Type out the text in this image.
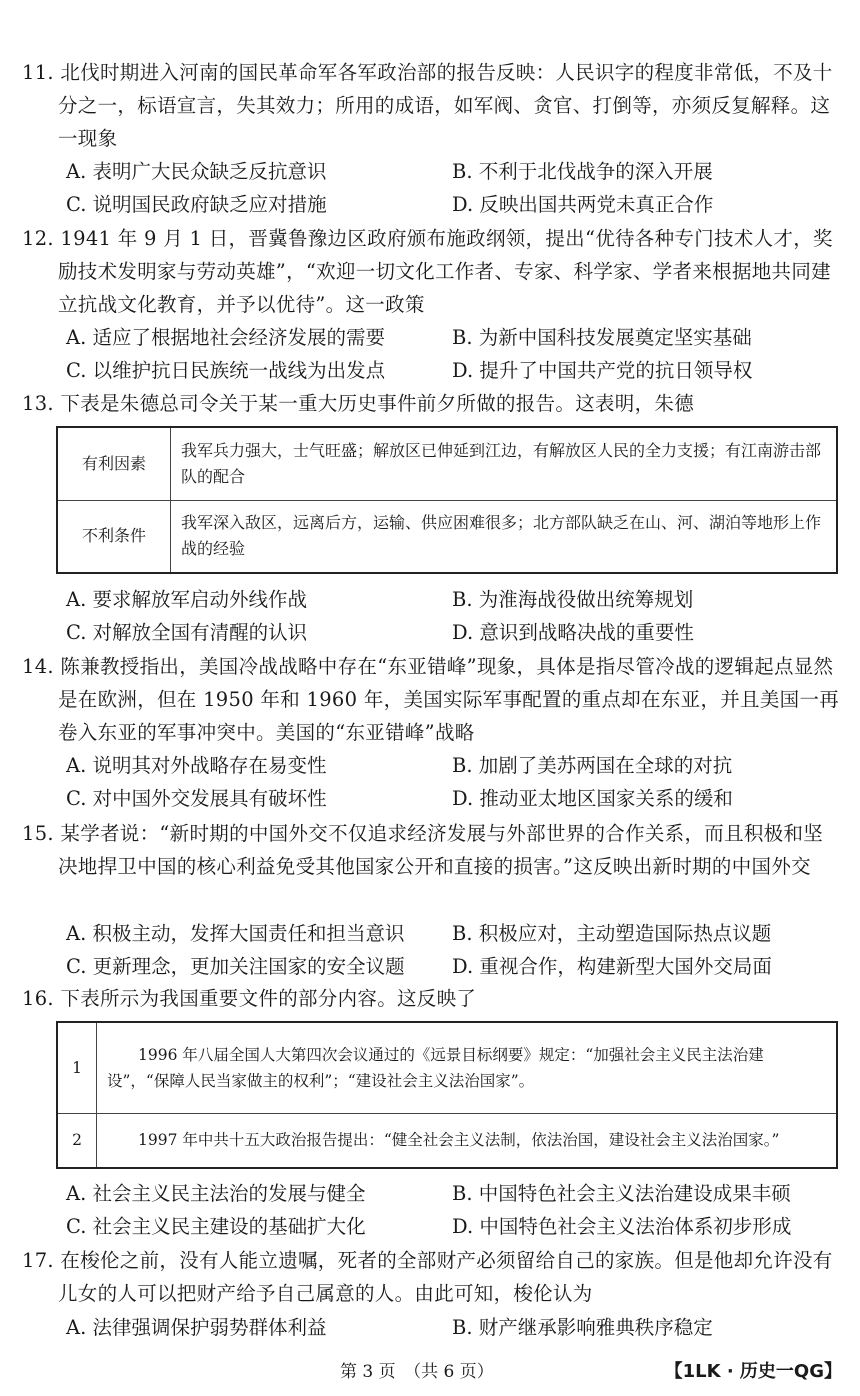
11. 北伐时期进入河南的国民革命军各军政治部的报告反映：人民识字的程度非常低，不及十分之一，标语宣言，失其效力；所用的成语，如军阀、贪官、打倒等，亦须反复解释。这一现象
A. 表明广大民众缺乏反抗意识	B. 不利于北伐战争的深入开展
C. 说明国民政府缺乏应对措施	D. 反映出国共两党未真正合作
12. 1941 年 9 月 1 日，晋冀鲁豫边区政府颁布施政纲领，提出“优待各种专门技术人才，奖励技术发明家与劳动英雄”，“欢迎一切文化工作者、专家、科学家、学者来根据地共同建立抗战文化教育，并予以优待”。这一政策
A. 适应了根据地社会经济发展的需要	B. 为新中国科技发展奠定坚实基础
C. 以维护抗日民族统一战线为出发点	D. 提升了中国共产党的抗日领导权
13. 下表是朱德总司令关于某一重大历史事件前夕所做的报告。这表明，朱德
有利因素	我军兵力强大，士气旺盛；解放区已伸延到江边，有解放区人民的全力支援；有江南游击部队的配合
不利条件	我军深入敌区，远离后方，运输、供应困难很多；北方部队缺乏在山、河、湖泊等地形上作战的经验
A. 要求解放军启动外线作战	B. 为淮海战役做出统筹规划
C. 对解放全国有清醒的认识	D. 意识到战略决战的重要性
14. 陈兼教授指出，美国冷战战略中存在“东亚错峰”现象，具体是指尽管冷战的逻辑起点显然是在欧洲，但在 1950 年和 1960 年，美国实际军事配置的重点却在东亚，并且美国一再卷入东亚的军事冲突中。美国的“东亚错峰”战略
A. 说明其对外战略存在易变性	B. 加剧了美苏两国在全球的对抗
C. 对中国外交发展具有破坏性	D. 推动亚太地区国家关系的缓和
15. 某学者说：“新时期的中国外交不仅追求经济发展与外部世界的合作关系，而且积极和坚决地捍卫中国的核心利益免受其他国家公开和直接的损害。”这反映出新时期的中国外交
A. 积极主动，发挥大国责任和担当意识 B. 积极应对，主动塑造国际热点议题
C. 更新理念，更加关注国家的安全议题 D. 重视合作，构建新型大国外交局面
16. 下表所示为我国重要文件的部分内容。这反映了
1	1996 年八届全国人大第四次会议通过的《远景目标纲要》规定：“加强社会主义民主法治建设”，“保障人民当家做主的权利”；“建设社会主义法治国家”。
2	1997 年中共十五大政治报告提出：“健全社会主义法制，依法治国，建设社会主义法治国家。”
A. 社会主义民主法治的发展与健全	B. 中国特色社会主义法治建设成果丰硕
C. 社会主义民主建设的基础扩大化	D. 中国特色社会主义法治体系初步形成
17. 在梭伦之前，没有人能立遗嘱，死者的全部财产必须留给自己的家族。但是他却允许没有儿女的人可以把财产给予自己属意的人。由此可知，梭伦认为
A. 法律强调保护弱势群体利益	B. 财产继承影响雅典秩序稳定
第 3 页　（共 6 页）	【1LK · 历史一QG】
